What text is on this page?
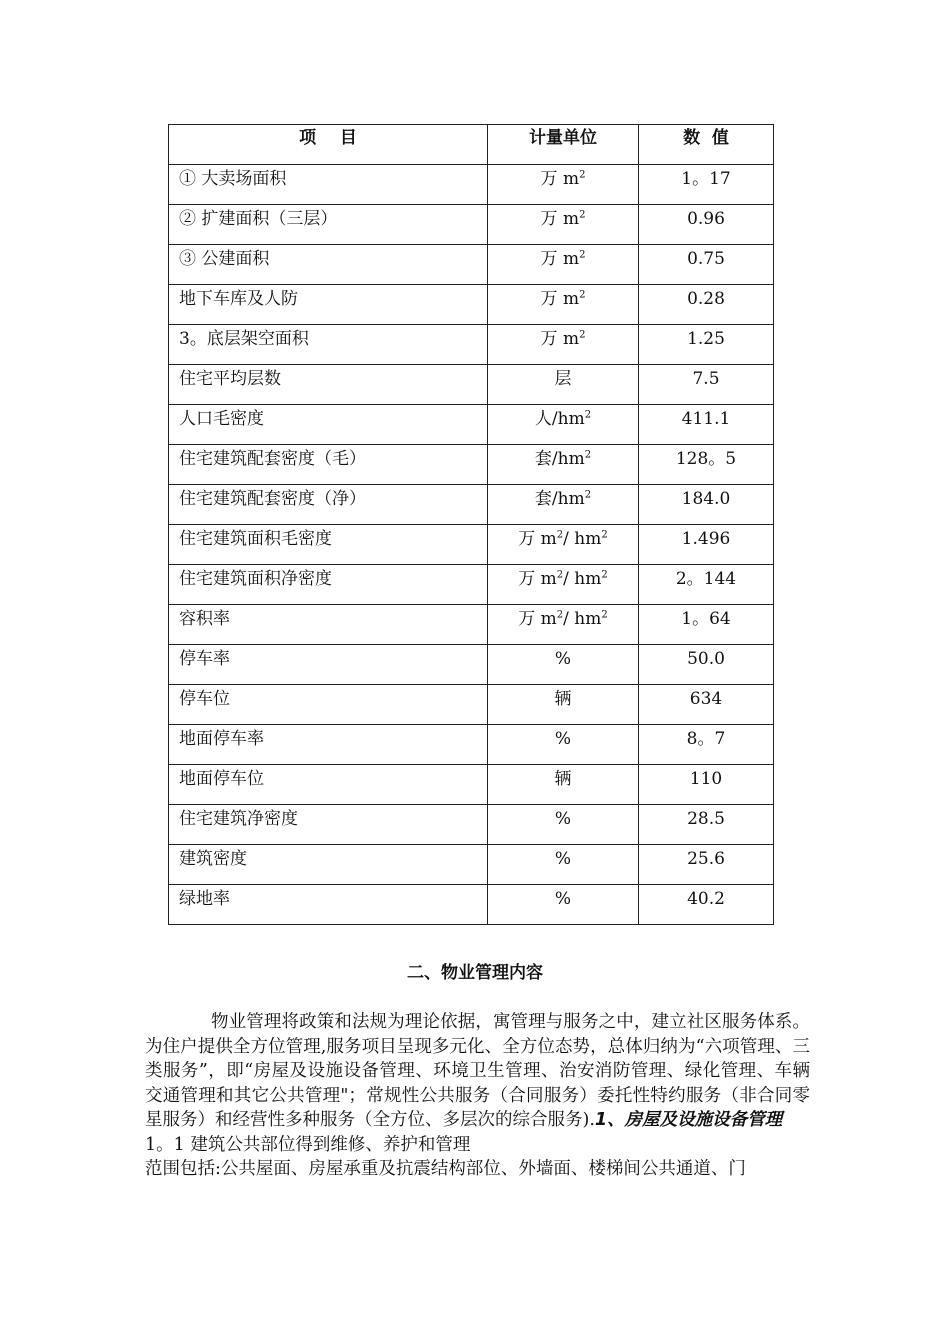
项    目	计量单位	数  值
① 大卖场面积	万 $m^2$	1。17
② 扩建面积（三层）	万 $m^2$	0.96
③ 公建面积	万 $m^2$	0.75
地下车库及人防	万 $m^2$	0.28
3。底层架空面积	万 $m^2$	1.25
住宅平均层数	层	7.5
人口毛密度	人$/hm^2$	411.1
住宅建筑配套密度（毛）	套$/hm^2$	128。5
住宅建筑配套密度（净）	套$/hm^2$	184.0
住宅建筑面积毛密度	万 $m^2/$ $hm^2$	1.496
住宅建筑面积净密度	万 $m^2/$ $hm^2$	2。144
容积率	万 $m^2/$ $hm^2$	1。64
停车率	%	50.0
停车位	辆	634
地面停车率	%	8。7
地面停车位	辆	110
住宅建筑净密度	%	28.5
建筑密度	%	25.6
绿地率	%	40.2
二、物业管理内容

物业管理将政策和法规为理论依据，寓管理与服务之中，建立社区服务体系。为住户提供全方位管理,服务项目呈现多元化、全方位态势，总体归纳为“六项管理、三类服务”，即“房屋及设施设备管理、环境卫生管理、治安消防管理、绿化管理、车辆交通管理和其它公共管理"；常规性公共服务（合同服务）委托性特约服务（非合同零星服务）和经营性多种服务（全方位、多层次的综合服务).1、房屋及设施设备管理

1。1 建筑公共部位得到维修、养护和管理

范围包括:公共屋面、房屋承重及抗震结构部位、外墙面、楼梯间公共通道、门
